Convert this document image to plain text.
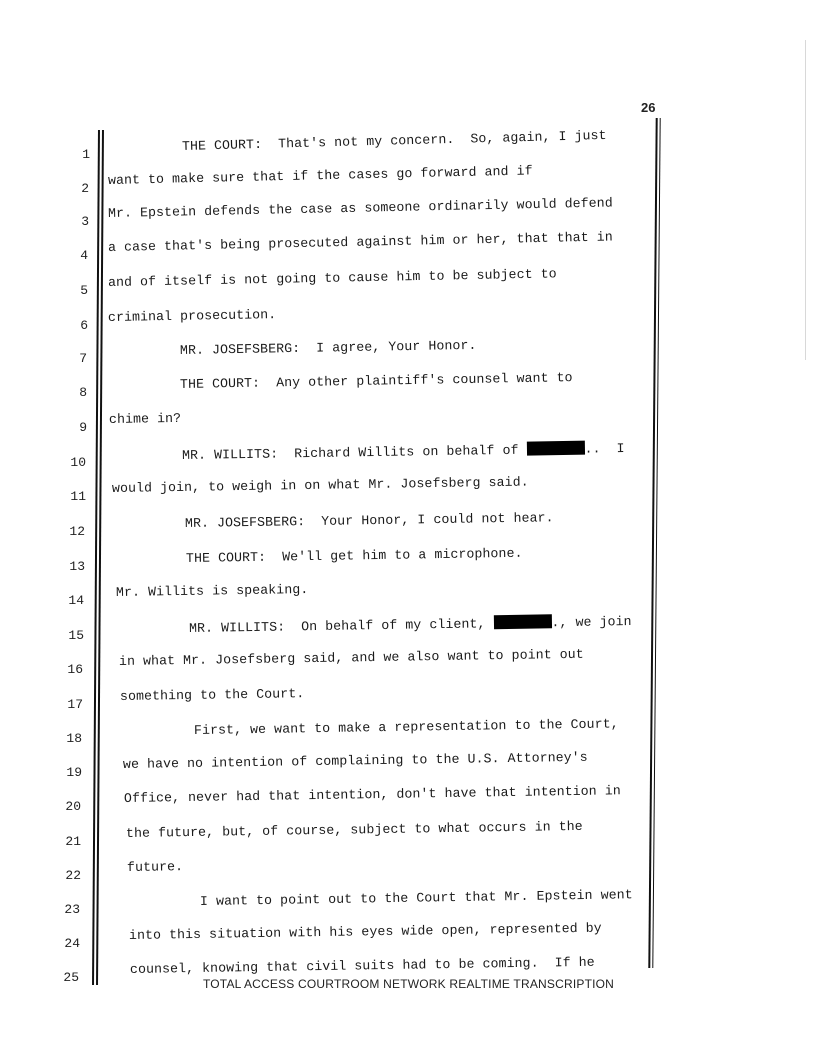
26
1
THE COURT:  That's not my concern.  So, again, I just
2
want to make sure that if the cases go forward and if
3
Mr. Epstein defends the case as someone ordinarily would defend
4
a case that's being prosecuted against him or her, that that in
5
and of itself is not going to cause him to be subject to
6
criminal prosecution.
7
MR. JOSEFSBERG:  I agree, Your Honor.
8
THE COURT:  Any other plaintiff's counsel want to
9
chime in?
10	MR. WILLITS:  Richard Willits on behalf of	..  I
11
would join, to weigh in on what Mr. Josefsberg said.
12
MR. JOSEFSBERG:  Your Honor, I could not hear.
13
THE COURT:  We'll get him to a microphone.
14
Mr. Willits is speaking.
15	MR. WILLITS:  On behalf of my client,	., we join
16
in what Mr. Josefsberg said, and we also want to point out
17
something to the Court.
18
First, we want to make a representation to the Court,
19
we have no intention of complaining to the U.S. Attorney's
20
Office, never had that intention, don't have that intention in
21
the future, but, of course, subject to what occurs in the
22
future.
23
I want to point out to the Court that Mr. Epstein went
24
into this situation with his eyes wide open, represented by
25
counsel, knowing that civil suits had to be coming.  If he
TOTAL ACCESS COURTROOM NETWORK REALTIME TRANSCRIPTION
